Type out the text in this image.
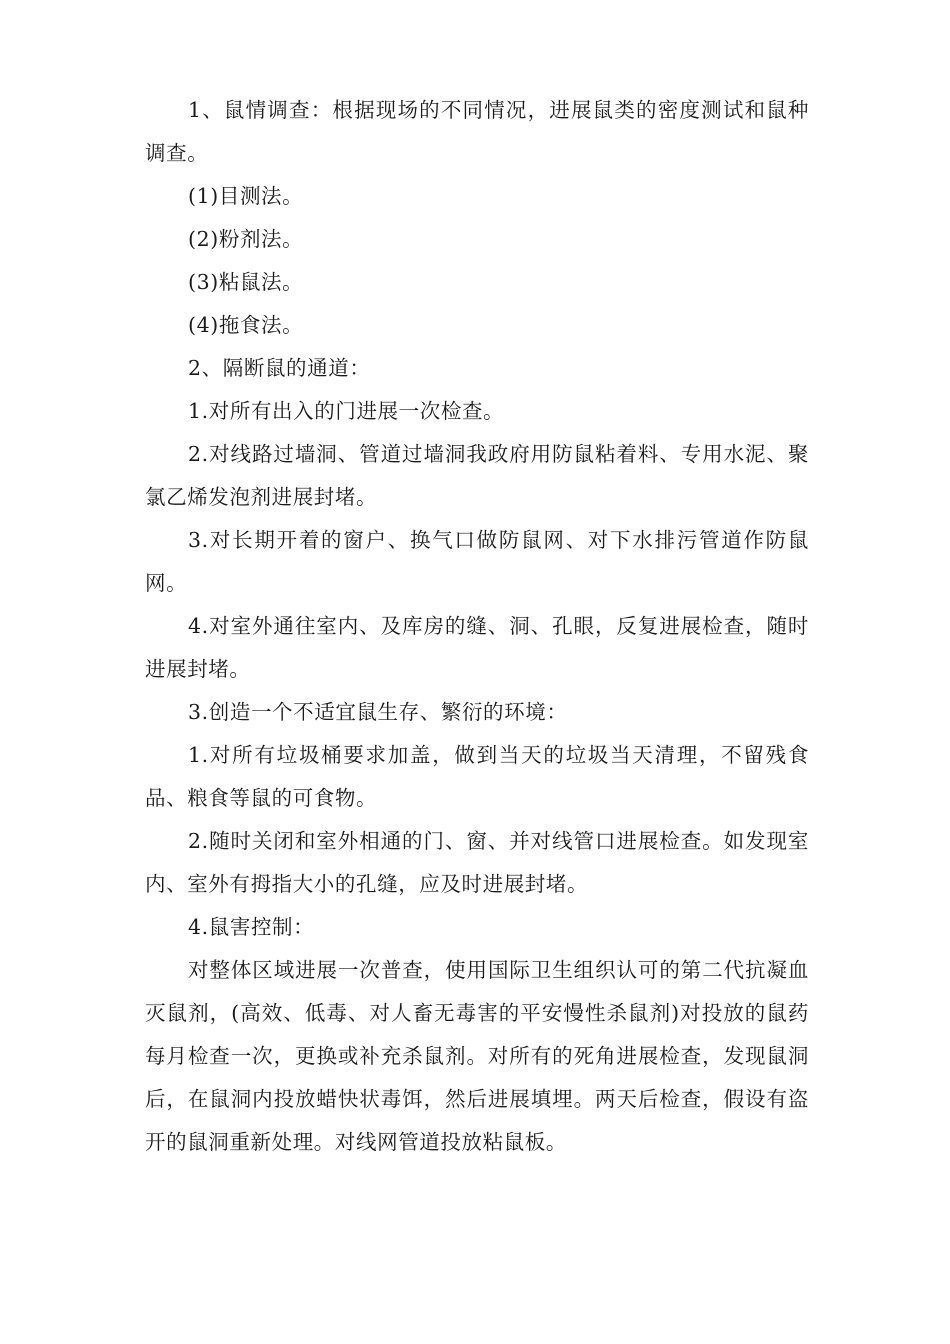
1、鼠情调查：根据现场的不同情况，进展鼠类的密度测试和鼠种调查。

(1)目测法。

(2)粉剂法。

(3)粘鼠法。

(4)拖食法。

2、隔断鼠的通道：

1.对所有出入的门进展一次检查。

2.对线路过墙洞、管道过墙洞我政府用防鼠粘着料、专用水泥、聚氯乙烯发泡剂进展封堵。

3.对长期开着的窗户、换气口做防鼠网、对下水排污管道作防鼠网。

4.对室外通往室内、及库房的缝、洞、孔眼，反复进展检查，随时进展封堵。

3.创造一个不适宜鼠生存、繁衍的环境：

1.对所有垃圾桶要求加盖，做到当天的垃圾当天清理，不留残食品、粮食等鼠的可食物。

2.随时关闭和室外相通的门、窗、并对线管口进展检查。如发现室内、室外有拇指大小的孔缝，应及时进展封堵。

4.鼠害控制：

对整体区域进展一次普查，使用国际卫生组织认可的第二代抗凝血灭鼠剂，(高效、低毒、对人畜无毒害的平安慢性杀鼠剂)对投放的鼠药每月检查一次，更换或补充杀鼠剂。对所有的死角进展检查，发现鼠洞后，在鼠洞内投放蜡快状毒饵，然后进展填埋。两天后检查，假设有盗开的鼠洞重新处理。对线网管道投放粘鼠板。
